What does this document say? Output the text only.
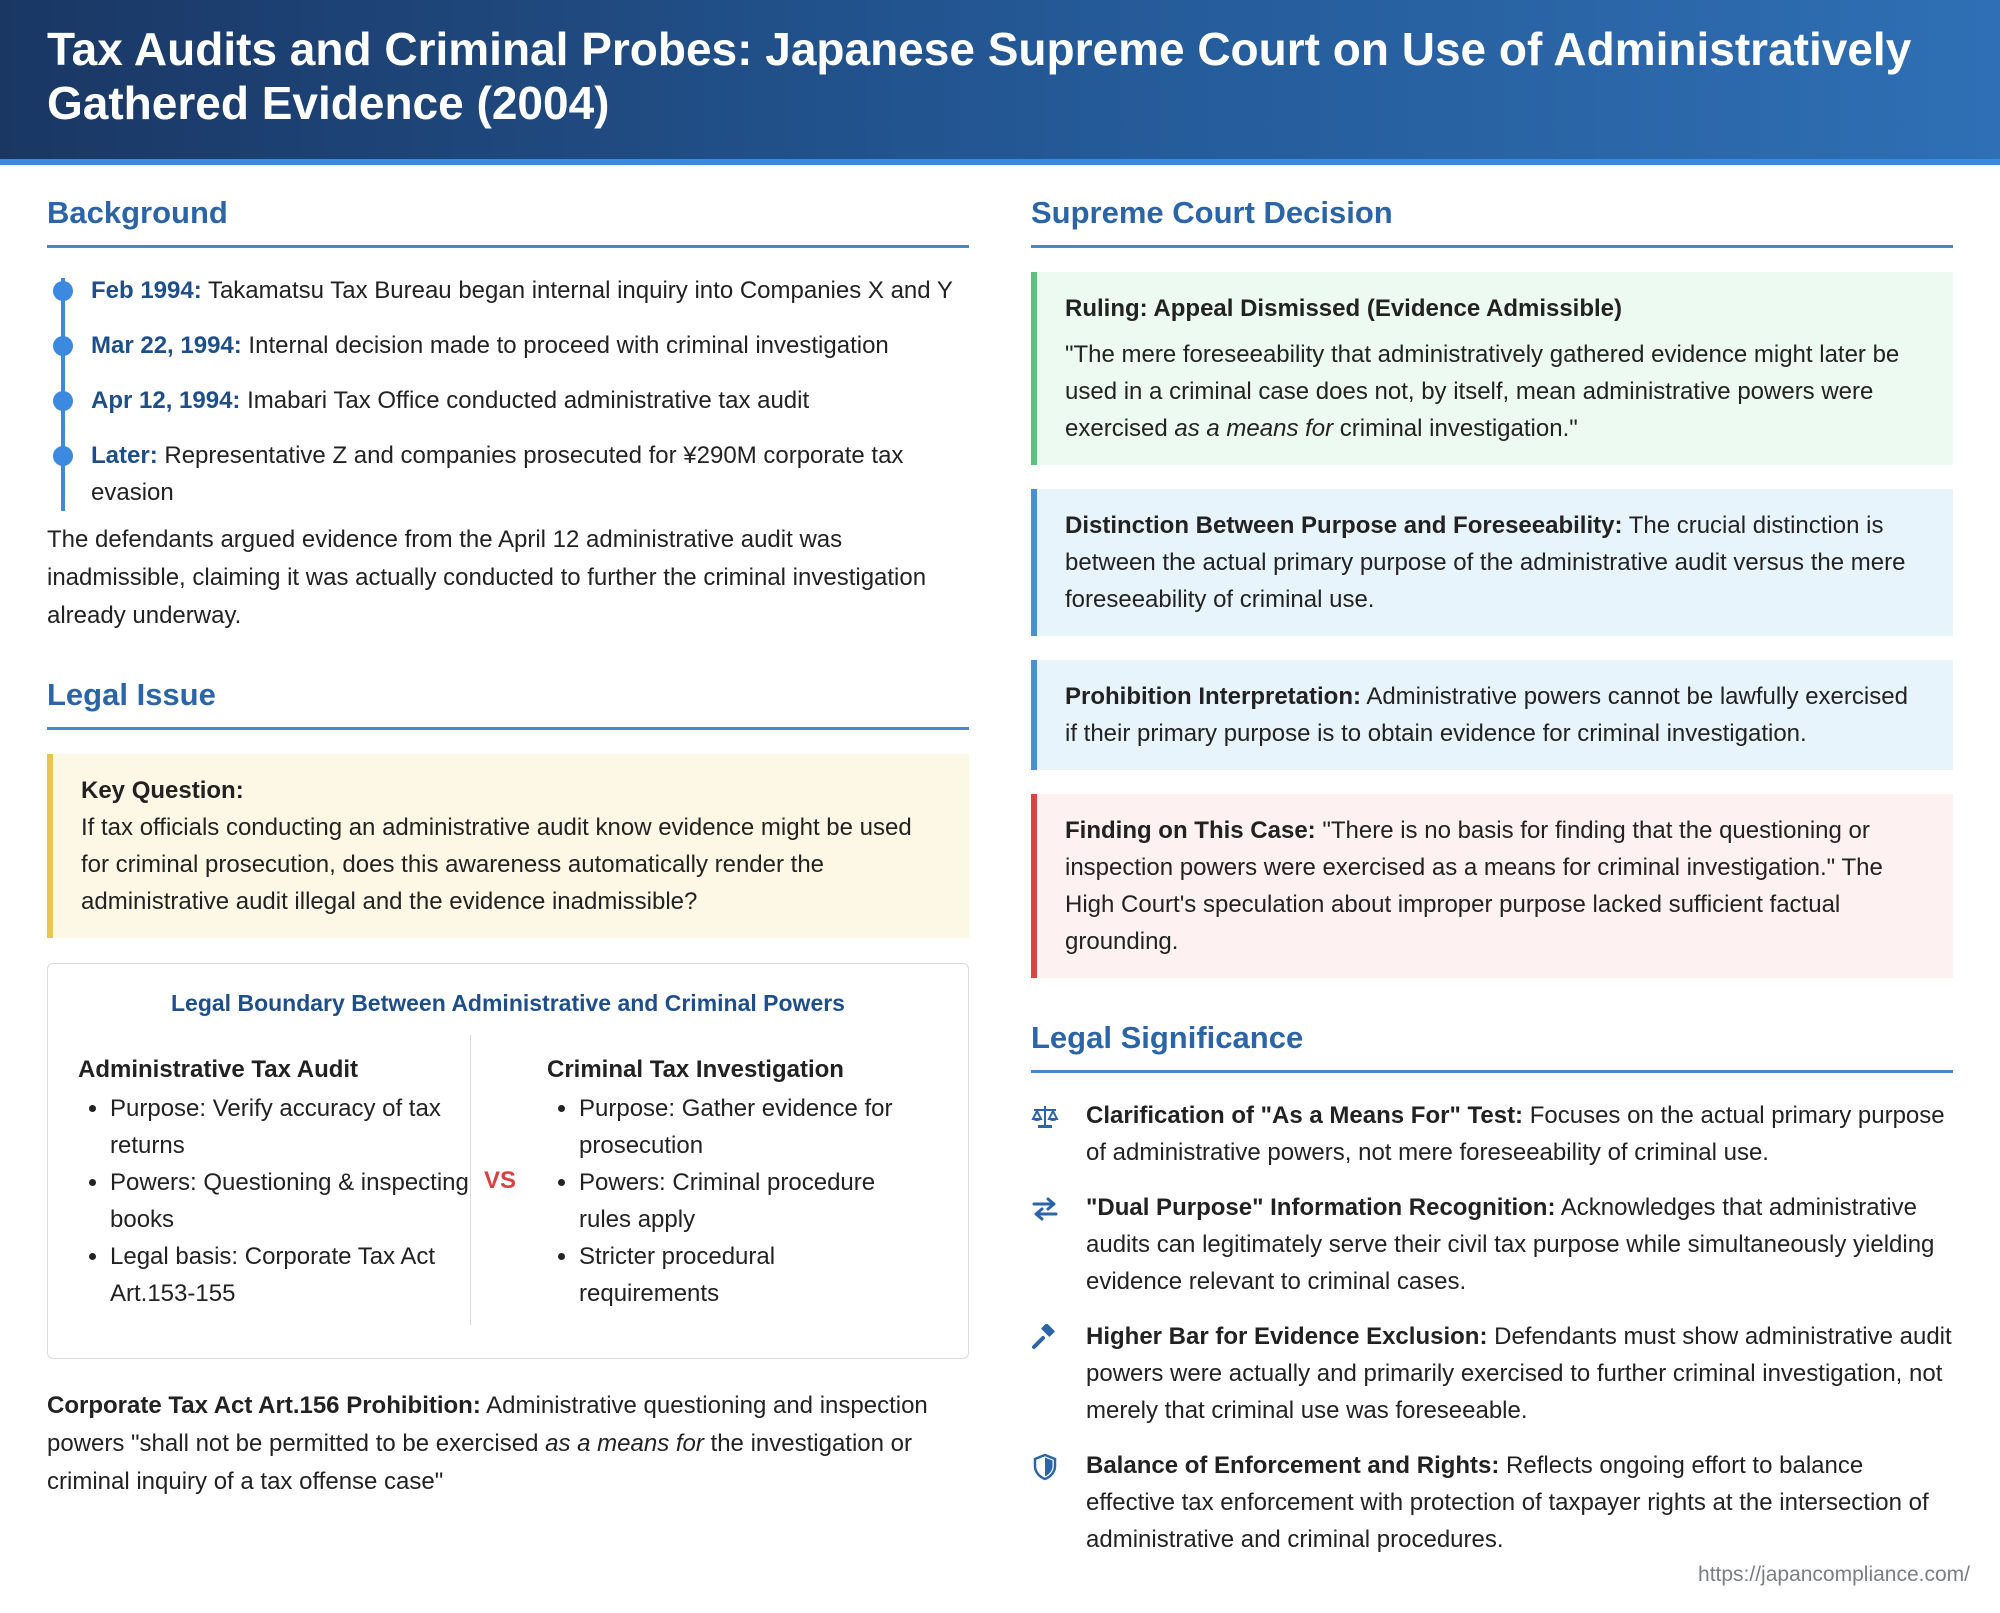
Tax Audits and Criminal Probes: Japanese Supreme Court on Use of Administratively Gathered Evidence (2004)
Background
Feb 1994: Takamatsu Tax Bureau began internal inquiry into Companies X and Y
Mar 22, 1994: Internal decision made to proceed with criminal investigation
Apr 12, 1994: Imabari Tax Office conducted administrative tax audit
Later: Representative Z and companies prosecuted for ¥290M corporate tax evasion

The defendants argued evidence from the April 12 administrative audit was inadmissible, claiming it was actually conducted to further the criminal investigation already underway.

Legal Issue
Key Question:
If tax officials conducting an administrative audit know evidence might be used for criminal prosecution, does this awareness automatically render the administrative audit illegal and the evidence inadmissible?
Legal Boundary Between Administrative and Criminal Powers
Administrative Tax Audit
• Purpose: Verify accuracy of tax returns
• Powers: Questioning & inspecting books
• Legal basis: Corporate Tax Act Art.153-155
VS
Criminal Tax Investigation
• Purpose: Gather evidence for prosecution
• Powers: Criminal procedure rules apply
• Stricter procedural requirements

Corporate Tax Act Art.156 Prohibition: Administrative questioning and inspection powers "shall not be permitted to be exercised as a means for the investigation or criminal inquiry of a tax offense case"

Supreme Court Decision
Ruling: Appeal Dismissed (Evidence Admissible)
"The mere foreseeability that administratively gathered evidence might later be used in a criminal case does not, by itself, mean administrative powers were exercised as a means for criminal investigation."
Distinction Between Purpose and Foreseeability: The crucial distinction is between the actual primary purpose of the administrative audit versus the mere foreseeability of criminal use.
Prohibition Interpretation: Administrative powers cannot be lawfully exercised if their primary purpose is to obtain evidence for criminal investigation.
Finding on This Case: "There is no basis for finding that the questioning or inspection powers were exercised as a means for criminal investigation." The High Court's speculation about improper purpose lacked sufficient factual grounding.
Legal Significance
Clarification of "As a Means For" Test: Focuses on the actual primary purpose of administrative powers, not mere foreseeability of criminal use.
"Dual Purpose" Information Recognition: Acknowledges that administrative audits can legitimately serve their civil tax purpose while simultaneously yielding evidence relevant to criminal cases.
Higher Bar for Evidence Exclusion: Defendants must show administrative audit powers were actually and primarily exercised to further criminal investigation, not merely that criminal use was foreseeable.
Balance of Enforcement and Rights: Reflects ongoing effort to balance effective tax enforcement with protection of taxpayer rights at the intersection of administrative and criminal procedures.
https://japancompliance.com/
